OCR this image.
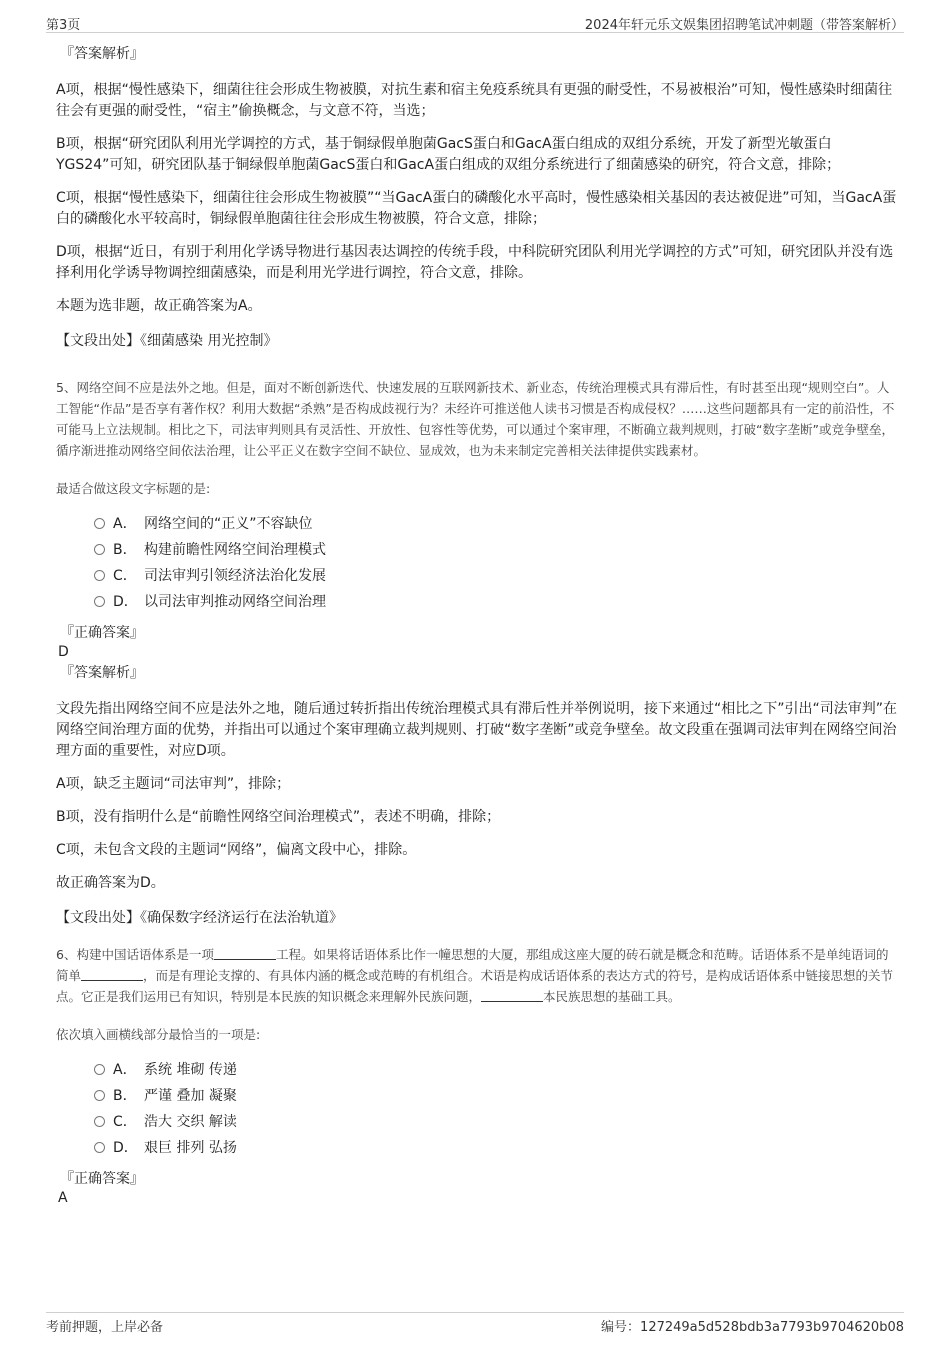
第3页	2024年轩元乐文娱集团招聘笔试冲刺题（带答案解析）
『答案解析』
A项，根据“慢性感染下，细菌往往会形成生物被膜，对抗生素和宿主免疫系统具有更强的耐受性，不易被根治”可知，慢性感染时细菌往往会有更强的耐受性，“宿主”偷换概念，与文意不符，当选；
B项，根据“研究团队利用光学调控的方式，基于铜绿假单胞菌GacS蛋白和GacA蛋白组成的双组分系统，开发了新型光敏蛋白YGS24”可知，研究团队基于铜绿假单胞菌GacS蛋白和GacA蛋白组成的双组分系统进行了细菌感染的研究，符合文意，排除；
C项，根据“慢性感染下，细菌往往会形成生物被膜”“当GacA蛋白的磷酸化水平高时，慢性感染相关基因的表达被促进”可知，当GacA蛋白的磷酸化水平较高时，铜绿假单胞菌往往会形成生物被膜，符合文意，排除；
D项，根据“近日，有别于利用化学诱导物进行基因表达调控的传统手段，中科院研究团队利用光学调控的方式”可知，研究团队并没有选择利用化学诱导物调控细菌感染，而是利用光学进行调控，符合文意，排除。
本题为选非题，故正确答案为A。
【文段出处】《细菌感染 用光控制》
5、网络空间不应是法外之地。但是，面对不断创新迭代、快速发展的互联网新技术、新业态，传统治理模式具有滞后性，有时甚至出现“规则空白”。人工智能“作品”是否享有著作权？利用大数据“杀熟”是否构成歧视行为？未经许可推送他人读书习惯是否构成侵权？……这些问题都具有一定的前沿性，不可能马上立法规制。相比之下，司法审判则具有灵活性、开放性、包容性等优势，可以通过个案审理，不断确立裁判规则，打破“数字垄断”或竞争壁垒，循序渐进推动网络空间依法治理，让公平正义在数字空间不缺位、显成效，也为未来制定完善相关法律提供实践素材。
最适合做这段文字标题的是:
A． 网络空间的“正义”不容缺位
B． 构建前瞻性网络空间治理模式
C． 司法审判引领经济法治化发展
D． 以司法审判推动网络空间治理
『正确答案』
D
『答案解析』
文段先指出网络空间不应是法外之地，随后通过转折指出传统治理模式具有滞后性并举例说明，接下来通过“相比之下”引出“司法审判”在网络空间治理方面的优势，并指出可以通过个案审理确立裁判规则、打破“数字垄断”或竞争壁垒。故文段重在强调司法审判在网络空间治理方面的重要性，对应D项。
A项，缺乏主题词“司法审判”，排除；
B项，没有指明什么是“前瞻性网络空间治理模式”，表述不明确，排除；
C项，未包含文段的主题词“网络”，偏离文段中心，排除。
故正确答案为D。
【文段出处】《确保数字经济运行在法治轨道》
6、构建中国话语体系是一项	工程。如果将话语体系比作一幢思想的大厦，那组成这座大厦的砖石就是概念和范畴。话语体系不是单纯语词的简单	，而是有理论支撑的、有具体内涵的概念或范畴的有机组合。术语是构成话语体系的表达方式的符号，是构成话语体系中链接思想的关节点。它正是我们运用已有知识，特别是本民族的知识概念来理解外民族问题，	本民族思想的基础工具。
依次填入画横线部分最恰当的一项是:
A． 系统 堆砌 传递
B． 严谨 叠加 凝聚
C． 浩大 交织 解读
D． 艰巨 排列 弘扬
『正确答案』
A
考前押题，上岸必备	编号：127249a5d528bdb3a7793b9704620b08
